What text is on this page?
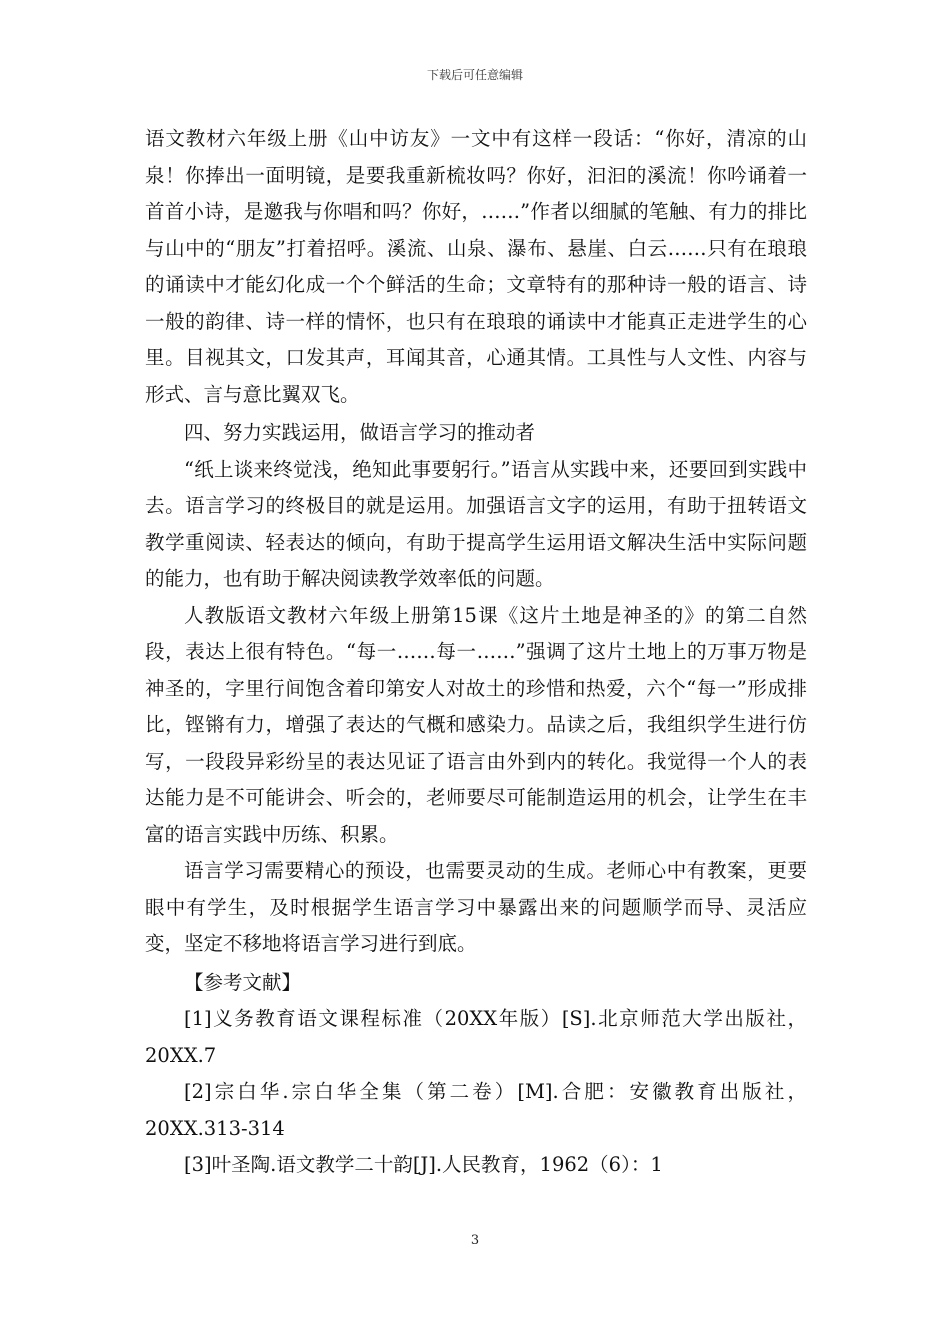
下载后可任意编辑

语文教材六年级上册《山中访友》一文中有这样一段话：“你好，清凉的山泉！你捧出一面明镜，是要我重新梳妆吗？你好，汩汩的溪流！你吟诵着一首首小诗，是邀我与你唱和吗？你好，……”作者以细腻的笔触、有力的排比与山中的“朋友”打着招呼。溪流、山泉、瀑布、悬崖、白云……只有在琅琅的诵读中才能幻化成一个个鲜活的生命；文章特有的那种诗一般的语言、诗一般的韵律、诗一样的情怀，也只有在琅琅的诵读中才能真正走进学生的心里。目视其文，口发其声，耳闻其音，心通其情。工具性与人文性、内容与形式、言与意比翼双飞。

四、努力实践运用，做语言学习的推动者

“纸上谈来终觉浅，绝知此事要躬行。”语言从实践中来，还要回到实践中去。语言学习的终极目的就是运用。加强语言文字的运用，有助于扭转语文教学重阅读、轻表达的倾向，有助于提高学生运用语文解决生活中实际问题的能力，也有助于解决阅读教学效率低的问题。

人教版语文教材六年级上册第15课《这片土地是神圣的》的第二自然段，表达上很有特色。“每一……每一……”强调了这片土地上的万事万物是神圣的，字里行间饱含着印第安人对故土的珍惜和热爱，六个“每一”形成排比，铿锵有力，增强了表达的气概和感染力。品读之后，我组织学生进行仿写，一段段异彩纷呈的表达见证了语言由外到内的转化。我觉得一个人的表达能力是不可能讲会、听会的，老师要尽可能制造运用的机会，让学生在丰富的语言实践中历练、积累。

语言学习需要精心的预设，也需要灵动的生成。老师心中有教案，更要眼中有学生，及时根据学生语言学习中暴露出来的问题顺学而导、灵活应变，坚定不移地将语言学习进行到底。

【参考文献】

[1]义务教育语文课程标准（20XX年版）[S].北京师范大学出版社，20XX.7

[2]宗白华.宗白华全集（第二卷）[M].合肥：安徽教育出版社，20XX.313-314

[3]叶圣陶.语文教学二十韵[J].人民教育，1962（6）：1

3
